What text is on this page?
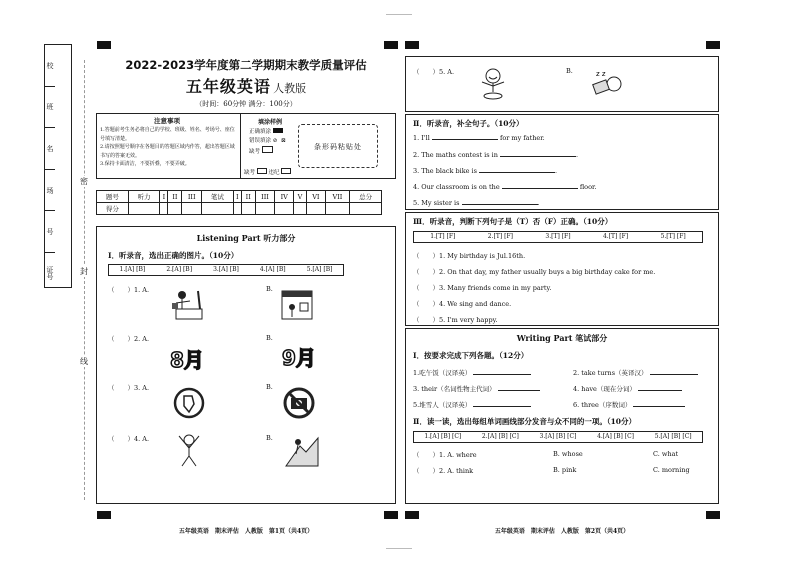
校
班
名
场
号
证号
密
封
线
2022-2023学年度第二学期期末教学质量评估
五年级英语 人教版
（时间：60分钟 满分：100分）
注意事项
1.答题前考生务必将自己的学校、班级、姓名、考场号、座位号填写清楚。
2.请按照题号顺序在各题目的答题区域内作答，超出答题区域书写的答案无效。
3.保持卡面清洁，不要折叠，不要弄破。
填涂样例
正确填涂
错误填涂 ⊘ ⊠
缺考
条形码粘贴处
缺考 违纪
题号	听力	I	II	III	笔试	I	II	III	IV	V	VI	VII	总分
得分													
Listening Part 听力部分
Ⅰ．听录音，选出正确的图片。（10分）
1.[A] [B]	2.[A] [B]	3.[A] [B]	4.[A] [B]	5.[A] [B]
（　　）1. A.	B.
（　　）2. A.	B.
8月	9月
（　　）3. A.	B.
（　　）4. A.	B.
五年级英语　期末评估　人教版　第1页（共4页）
（　　）5. A.	B.	z z
Ⅱ．听录音，补全句子。（10分）
1. I'll	for my father.
2. The maths contest is in	.
3. The black bike is	.
4. Our classroom is on the	floor.
5. My sister is	.
Ⅲ．听录音，判断下列句子是（T）否（F）正确。（10分）
1.[T] [F]	2.[T] [F]	3.[T] [F]	4.[T] [F]	5.[T] [F]
（　　）1. My birthday is Jul.16th.
（　　）2. On that day, my father usually buys a big birthday cake for me.
（　　）3. Many friends come in my party.
（　　）4. We sing and dance.
（　　）5. I'm very happy.
Writing Part 笔试部分
Ⅰ．按要求完成下列各题。（12分）
1.吃午饭（汉译英）	2. take turns（英译汉）
3. their（名词性物主代词）	4. have（现在分词）
5.堆雪人（汉译英）	6. three（序数词）
Ⅱ．读一读，选出每组单词画线部分发音与众不同的一项。（10分）
1.[A] [B] [C]	2.[A] [B] [C]	3.[A] [B] [C]	4.[A] [B] [C]	5.[A] [B] [C]
（　　）1. A. where	B. whose	C. what
（　　）2. A. think	B. pink	C. morning
五年级英语　期末评估　人教版　第2页（共4页）
